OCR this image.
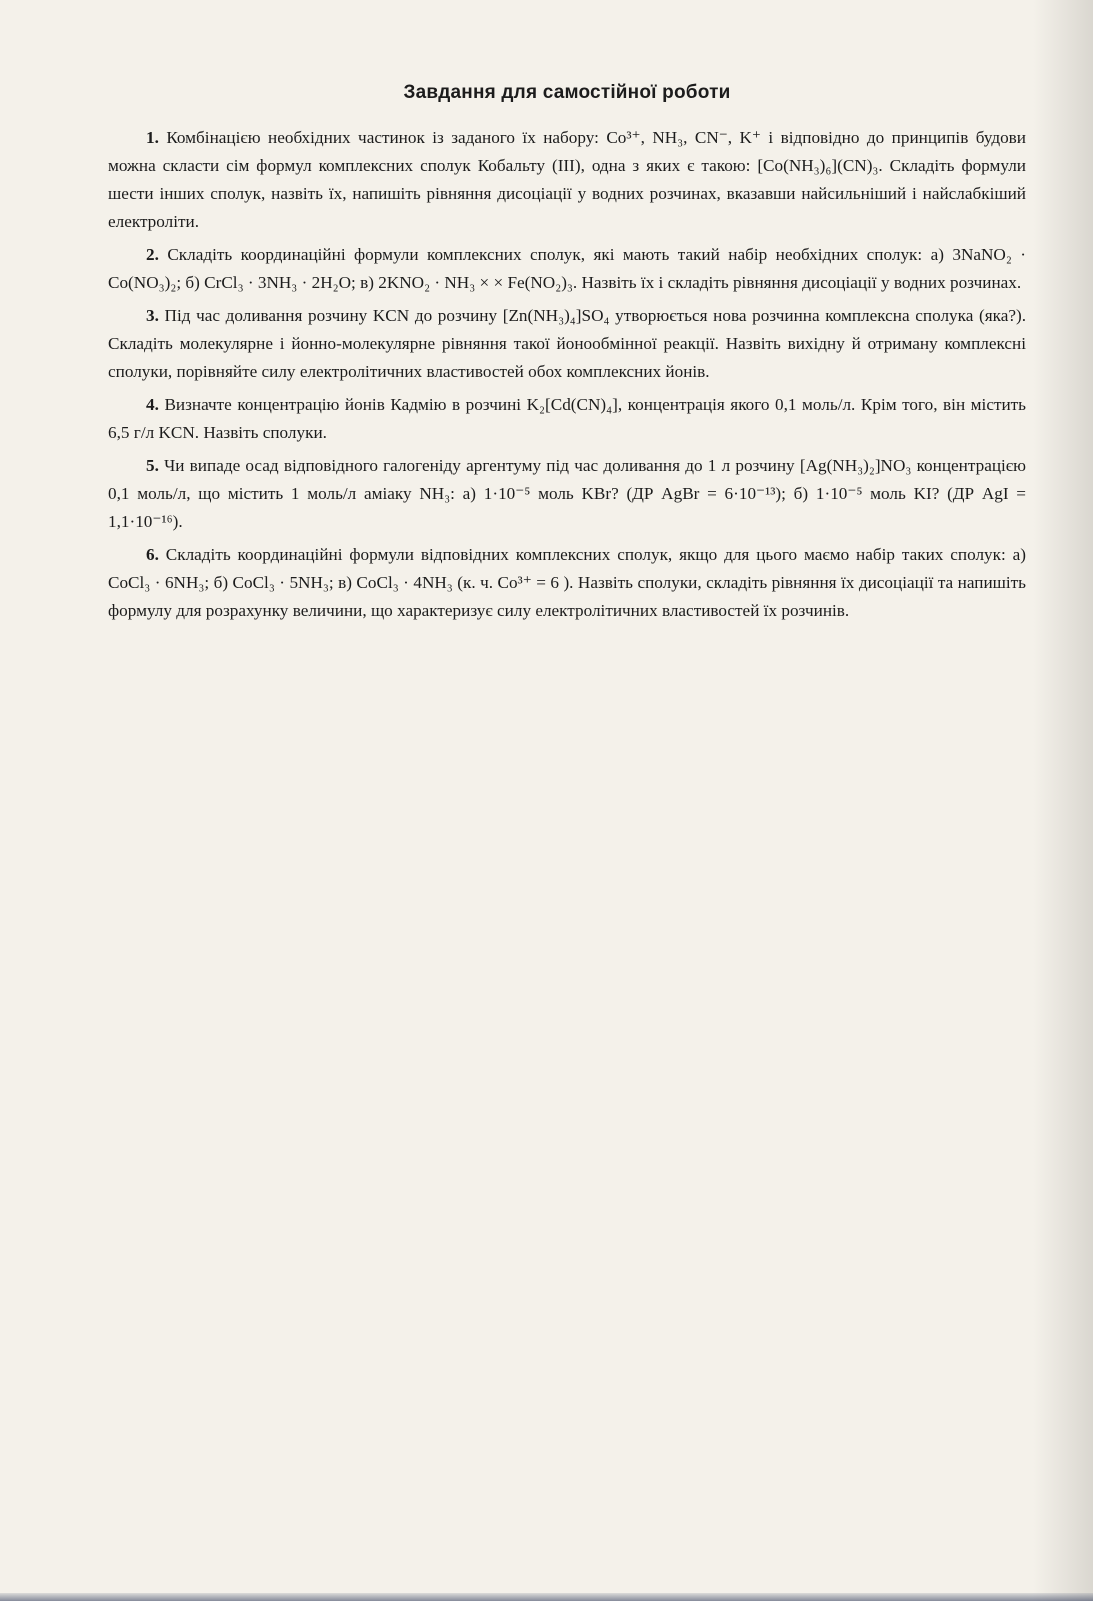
Завдання для самостійної роботи

1. Комбінацією необхідних частинок із заданого їх набору: Co³⁺, NH₃, CN⁻, K⁺ і відповідно до принципів будови можна скласти сім формул комплексних сполук Кобальту (III), одна з яких є такою: [Co(NH₃)₆](CN)₃. Складіть формули шести інших сполук, назвіть їх, напишіть рівняння дисоціації у водних розчинах, вказавши найсильніший і найслабкіший електроліти.

2. Складіть координаційні формули комплексних сполук, які мають такий набір необхідних сполук: а) 3NaNO₂ · Co(NO₃)₂; б) CrCl₃ · 3NH₃ · 2H₂O; в) 2KNO₂ · NH₃ × × Fe(NO₂)₃. Назвіть їх і складіть рівняння дисоціації у водних розчинах.

3. Під час доливання розчину KCN до розчину [Zn(NH₃)₄]SO₄ утворюється нова розчинна комплексна сполука (яка?). Складіть молекулярне і йонно-молекулярне рівняння такої йонообмінної реакції. Назвіть вихідну й отриману комплексні сполуки, порівняйте силу електролітичних властивостей обох комплексних йонів.

4. Визначте концентрацію йонів Кадмію в розчині K₂[Cd(CN)₄], концентрація якого 0,1 моль/л. Крім того, він містить 6,5 г/л KCN. Назвіть сполуки.

5. Чи випаде осад відповідного галогеніду аргентуму під час доливання до 1 л розчину [Ag(NH₃)₂]NO₃ концентрацією 0,1 моль/л, що містить 1 моль/л аміаку NH₃: а) 1·10⁻⁵ моль KBr? (ДР AgBr = 6·10⁻¹³); б) 1·10⁻⁵ моль KI? (ДР AgI = 1,1·10⁻¹⁶).

6. Складіть координаційні формули відповідних комплексних сполук, якщо для цього маємо набір таких сполук: а) CoCl₃ · 6NH₃; б) CoCl₃ · 5NH₃; в) CoCl₃ · 4NH₃ (к. ч. Co³⁺ = 6 ). Назвіть сполуки, складіть рівняння їх дисоціації та напишіть формулу для розрахунку величини, що характеризує силу електролітичних властивостей їх розчинів.
